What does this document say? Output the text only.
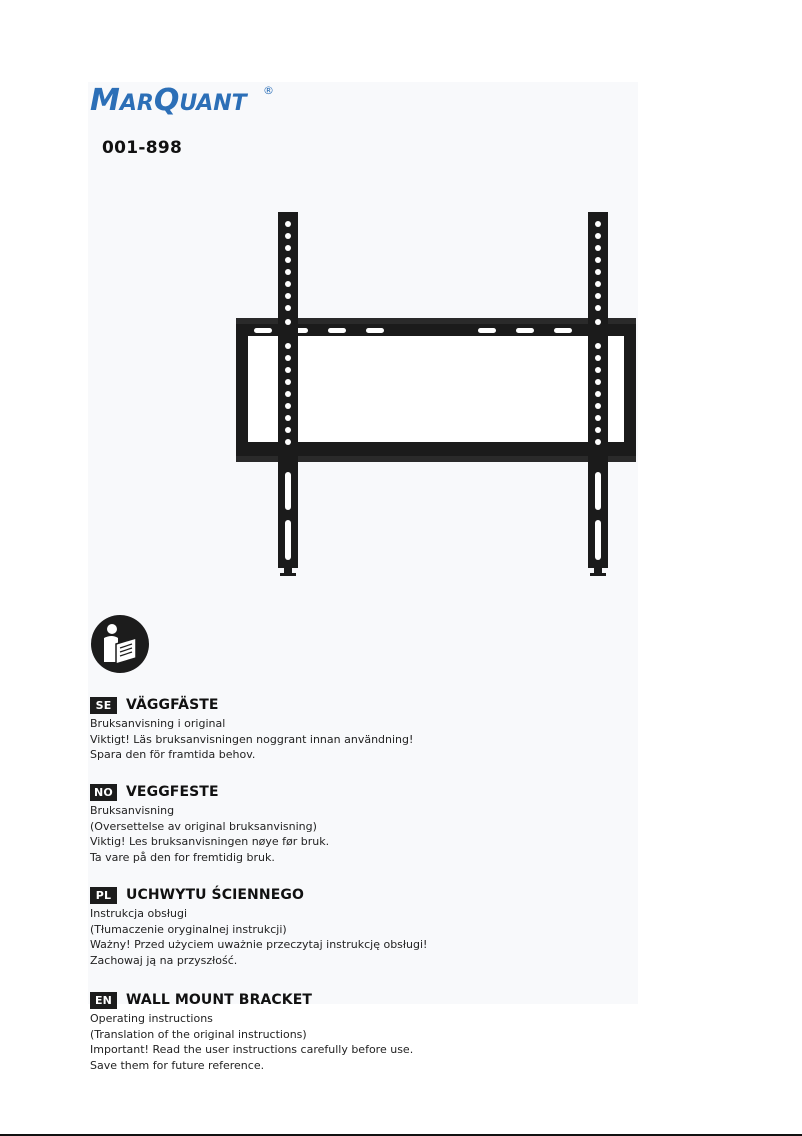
MARQUANT
®
001-898
SE	VÄGGFÄSTE
Bruksanvisning i original
Viktigt! Läs bruksanvisningen noggrant innan användning!
Spara den för framtida behov.
NO VEGGFESTE
Bruksanvisning
(Oversettelse av original bruksanvisning)
Viktig! Les bruksanvisningen nøye før bruk.
Ta vare på den for fremtidig bruk.
PL	UCHWYTU ŚCIENNEGO
Instrukcja obsługi
(Tłumaczenie oryginalnej instrukcji)
Ważny! Przed użyciem uważnie przeczytaj instrukcję obsługi!
Zachowaj ją na przyszłość.
EN WALL MOUNT BRACKET
Operating instructions
(Translation of the original instructions)
Important! Read the user instructions carefully before use.
Save them for future reference.
